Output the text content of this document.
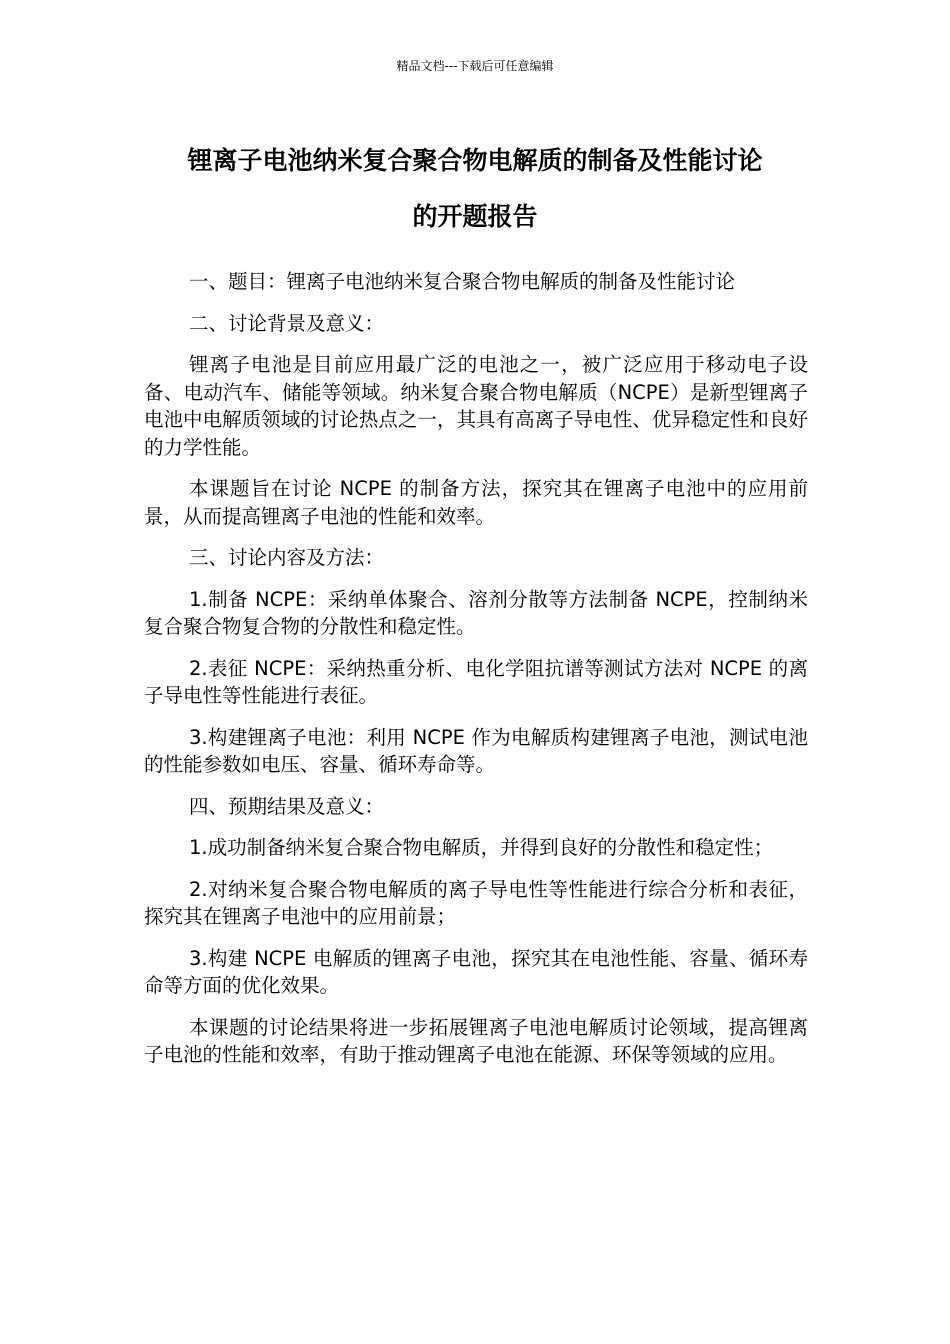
精品文档---下载后可任意编辑
锂离子电池纳米复合聚合物电解质的制备及性能讨论
的开题报告

一、题目：锂离子电池纳米复合聚合物电解质的制备及性能讨论

二、讨论背景及意义：

锂离子电池是目前应用最广泛的电池之一，被广泛应用于移动电子设备、电动汽车、储能等领域。纳米复合聚合物电解质（NCPE）是新型锂离子电池中电解质领域的讨论热点之一，其具有高离子导电性、优异稳定性和良好的力学性能。

本课题旨在讨论 NCPE 的制备方法，探究其在锂离子电池中的应用前景，从而提高锂离子电池的性能和效率。

三、讨论内容及方法：

1.制备 NCPE：采纳单体聚合、溶剂分散等方法制备 NCPE，控制纳米复合聚合物复合物的分散性和稳定性。

2.表征 NCPE：采纳热重分析、电化学阻抗谱等测试方法对 NCPE 的离子导电性等性能进行表征。

3.构建锂离子电池：利用 NCPE 作为电解质构建锂离子电池，测试电池的性能参数如电压、容量、循环寿命等。

四、预期结果及意义：

1.成功制备纳米复合聚合物电解质，并得到良好的分散性和稳定性；

2.对纳米复合聚合物电解质的离子导电性等性能进行综合分析和表征，探究其在锂离子电池中的应用前景；

3.构建 NCPE 电解质的锂离子电池，探究其在电池性能、容量、循环寿命等方面的优化效果。

本课题的讨论结果将进一步拓展锂离子电池电解质讨论领域，提高锂离子电池的性能和效率，有助于推动锂离子电池在能源、环保等领域的应用。
